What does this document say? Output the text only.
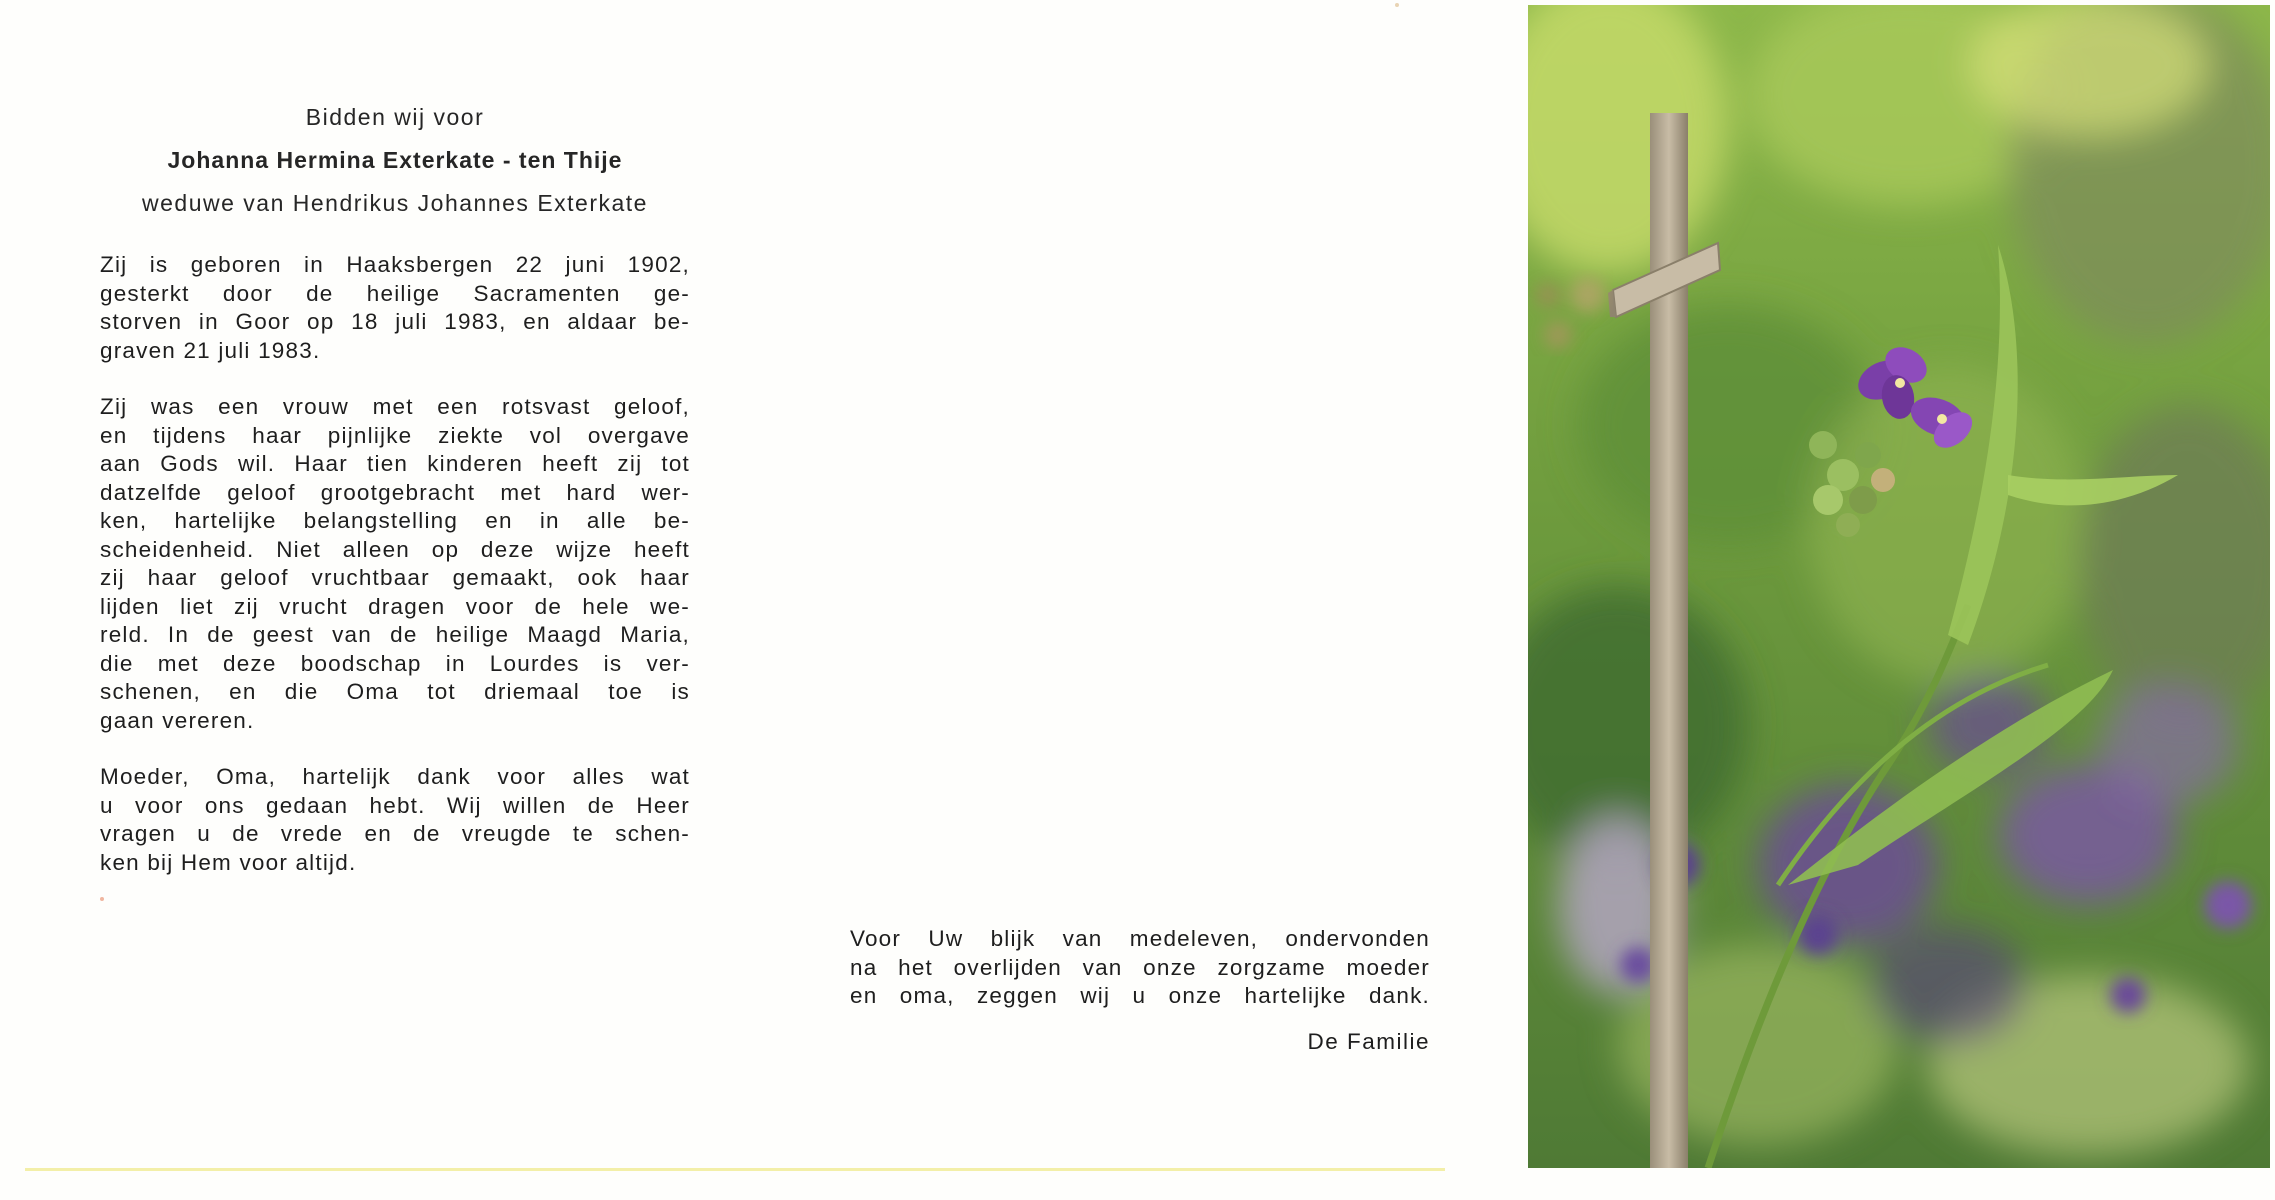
Bidden wij voor
Johanna Hermina Exterkate - ten Thije
weduwe van Hendrikus Johannes Exterkate

Zij is geboren in Haaksbergen 22 juni 1902,
gesterkt door de heilige Sacramenten ge-
storven in Goor op 18 juli 1983, en aldaar be-
graven 21 juli 1983.

Zij was een vrouw met een rotsvast geloof,
en tijdens haar pijnlijke ziekte vol overgave
aan Gods wil. Haar tien kinderen heeft zij tot
datzelfde geloof grootgebracht met hard wer-
ken, hartelijke belangstelling en in alle be-
scheidenheid. Niet alleen op deze wijze heeft
zij haar geloof vruchtbaar gemaakt, ook haar
lijden liet zij vrucht dragen voor de hele we-
reld. In de geest van de heilige Maagd Maria,
die met deze boodschap in Lourdes is ver-
schenen, en die Oma tot driemaal toe is
gaan vereren.

Moeder, Oma, hartelijk dank voor alles wat
u voor ons gedaan hebt. Wij willen de Heer
vragen u de vrede en de vreugde te schen-
ken bij Hem voor altijd.

Voor Uw blijk van medeleven, ondervonden
na het overlijden van onze zorgzame moeder
en oma, zeggen wij u onze hartelijke dank.
De Familie
